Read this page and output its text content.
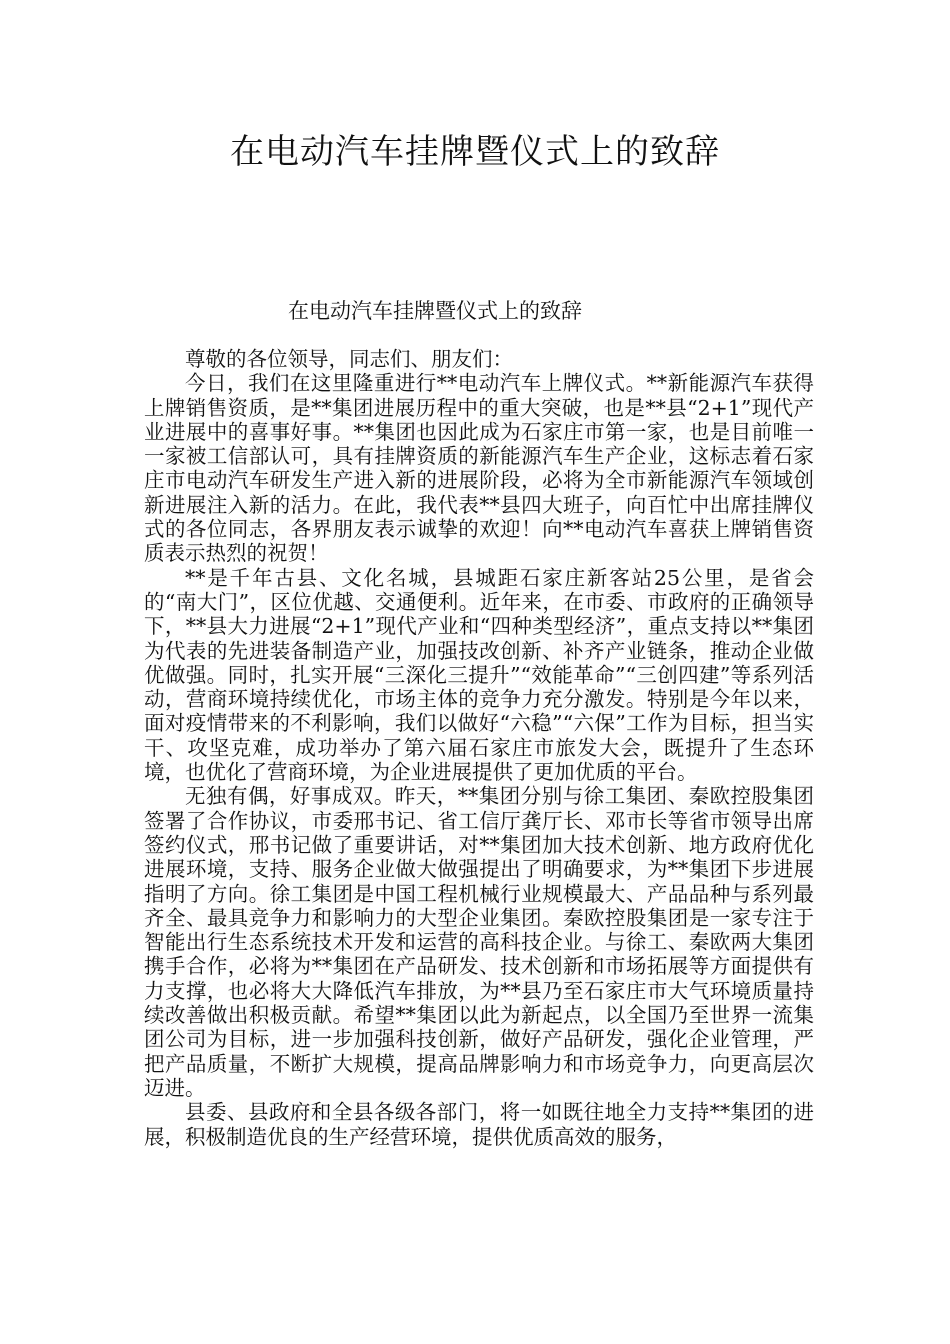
在电动汽车挂牌暨仪式上的致辞
在电动汽车挂牌暨仪式上的致辞

尊敬的各位领导，同志们、朋友们：

今日，我们在这里隆重进行**电动汽车上牌仪式。**新能源汽车获得上牌销售资质，是**集团进展历程中的重大突破，也是**县“2+1”现代产业进展中的喜事好事。**集团也因此成为石家庄市第一家，也是目前唯一一家被工信部认可，具有挂牌资质的新能源汽车生产企业，这标志着石家庄市电动汽车研发生产进入新的进展阶段，必将为全市新能源汽车领域创新进展注入新的活力。在此，我代表**县四大班子，向百忙中出席挂牌仪式的各位同志，各界朋友表示诚挚的欢迎！向**电动汽车喜获上牌销售资质表示热烈的祝贺！

**是千年古县、文化名城，县城距石家庄新客站25公里，是省会的“南大门”，区位优越、交通便利。近年来，在市委、市政府的正确领导下，**县大力进展“2+1”现代产业和“四种类型经济”，重点支持以**集团为代表的先进装备制造产业，加强技改创新、补齐产业链条，推动企业做优做强。同时，扎实开展“三深化三提升”“效能革命”“三创四建”等系列活动，营商环境持续优化，市场主体的竞争力充分激发。特别是今年以来，面对疫情带来的不利影响，我们以做好“六稳”“六保”工作为目标，担当实干、攻坚克难，成功举办了第六届石家庄市旅发大会，既提升了生态环境，也优化了营商环境，为企业进展提供了更加优质的平台。

无独有偶，好事成双。昨天，**集团分别与徐工集团、秦欧控股集团签署了合作协议，市委邢书记、省工信厅龚厅长、邓市长等省市领导出席签约仪式，邢书记做了重要讲话，对**集团加大技术创新、地方政府优化进展环境，支持、服务企业做大做强提出了明确要求，为**集团下步进展指明了方向。徐工集团是中国工程机械行业规模最大、产品品种与系列最齐全、最具竞争力和影响力的大型企业集团。秦欧控股集团是一家专注于智能出行生态系统技术开发和运营的高科技企业。与徐工、秦欧两大集团携手合作，必将为**集团在产品研发、技术创新和市场拓展等方面提供有力支撑，也必将大大降低汽车排放，为**县乃至石家庄市大气环境质量持续改善做出积极贡献。希望**集团以此为新起点，以全国乃至世界一流集团公司为目标，进一步加强科技创新，做好产品研发，强化企业管理，严把产品质量，不断扩大规模，提高品牌影响力和市场竞争力，向更高层次迈进。

县委、县政府和全县各级各部门，将一如既往地全力支持**集团的进展，积极制造优良的生产经营环境，提供优质高效的服务，
